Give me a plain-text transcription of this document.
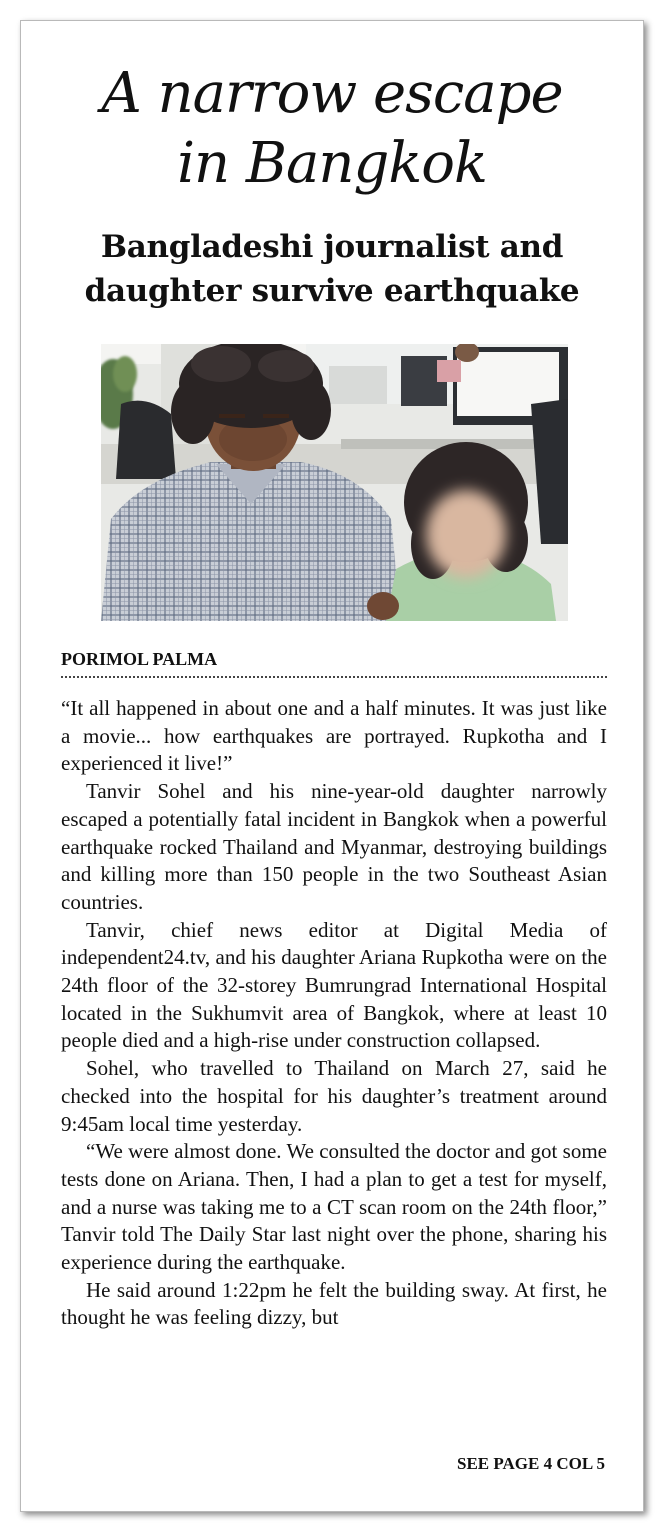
A narrow escape
in Bangkok
Bangladeshi journalist and
daughter survive earthquake
PORIMOL PALMA

“It all happened in about one and a half minutes. It was just like a movie... how earthquakes are portrayed. Rupkotha and I experienced it live!”

Tanvir Sohel and his nine-year-old daughter narrowly escaped a potentially fatal incident in Bangkok when a powerful earthquake rocked Thailand and Myanmar, destroying buildings and killing more than 150 people in the two Southeast Asian countries.

Tanvir, chief news editor at Digital Media of independent24.tv, and his daughter Ariana Rupkotha were on the 24th floor of the 32-storey Bumrungrad International Hospital located in the Sukhumvit area of Bangkok, where at least 10 people died and a high-rise under construction collapsed.

Sohel, who travelled to Thailand on March 27, said he checked into the hospital for his daughter’s treatment around 9:45am local time yesterday.

“We were almost done. We consulted the doctor and got some tests done on Ariana. Then, I had a plan to get a test for myself, and a nurse was taking me to a CT scan room on the 24th floor,” Tanvir told The Daily Star last night over the phone, sharing his experience during the earthquake.

He said around 1:22pm he felt the building sway. At first, he thought he was feeling dizzy, but

SEE PAGE 4 COL 5
